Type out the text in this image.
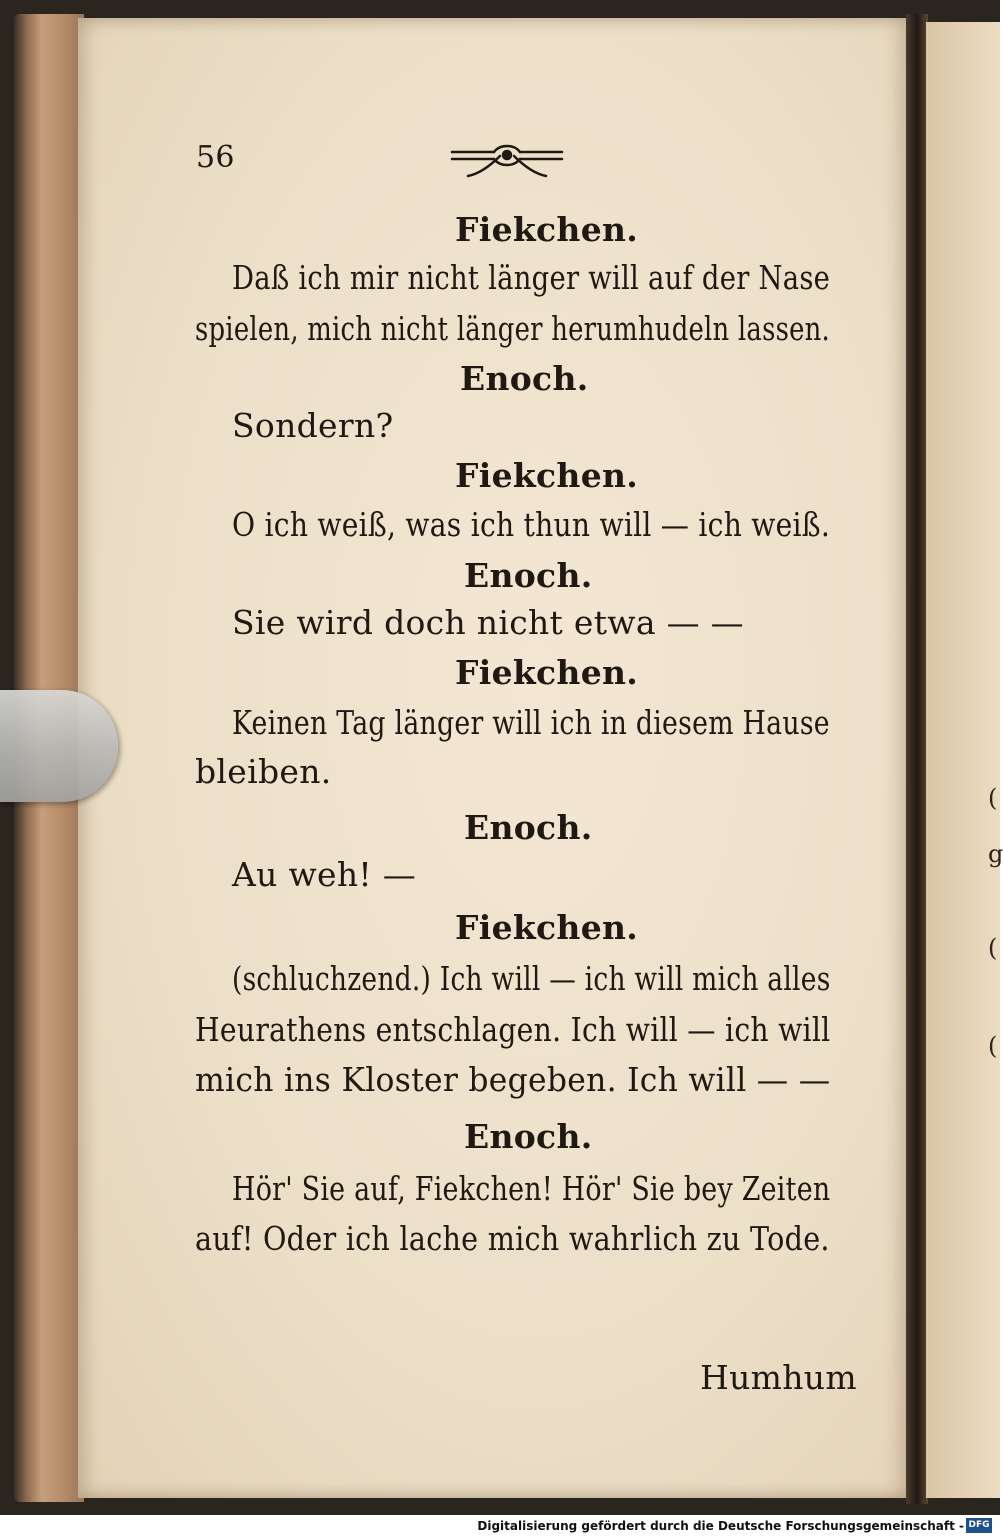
(
g
(
(
56
Fiekchen.
Daß ich mir nicht länger will auf der Nase
spielen, mich nicht länger herumhudeln lassen.
Enoch.
Sondern?
Fiekchen.
O ich weiß, was ich thun will — ich weiß.
Enoch.
Sie wird doch nicht etwa — —
Fiekchen.
Keinen Tag länger will ich in diesem Hause
bleiben.
Enoch.
Au weh! —
Fiekchen.
(schluchzend.) Ich will — ich will mich alles
Heurathens entschlagen. Ich will — ich will
mich ins Kloster begeben. Ich will — —
Enoch.
Hör' Sie auf, Fiekchen! Hör' Sie bey Zeiten
auf! Oder ich lache mich wahrlich zu Tode.
Humhum
Digitalisierung gefördert durch die Deutsche Forschungsgemeinschaft - DFG
